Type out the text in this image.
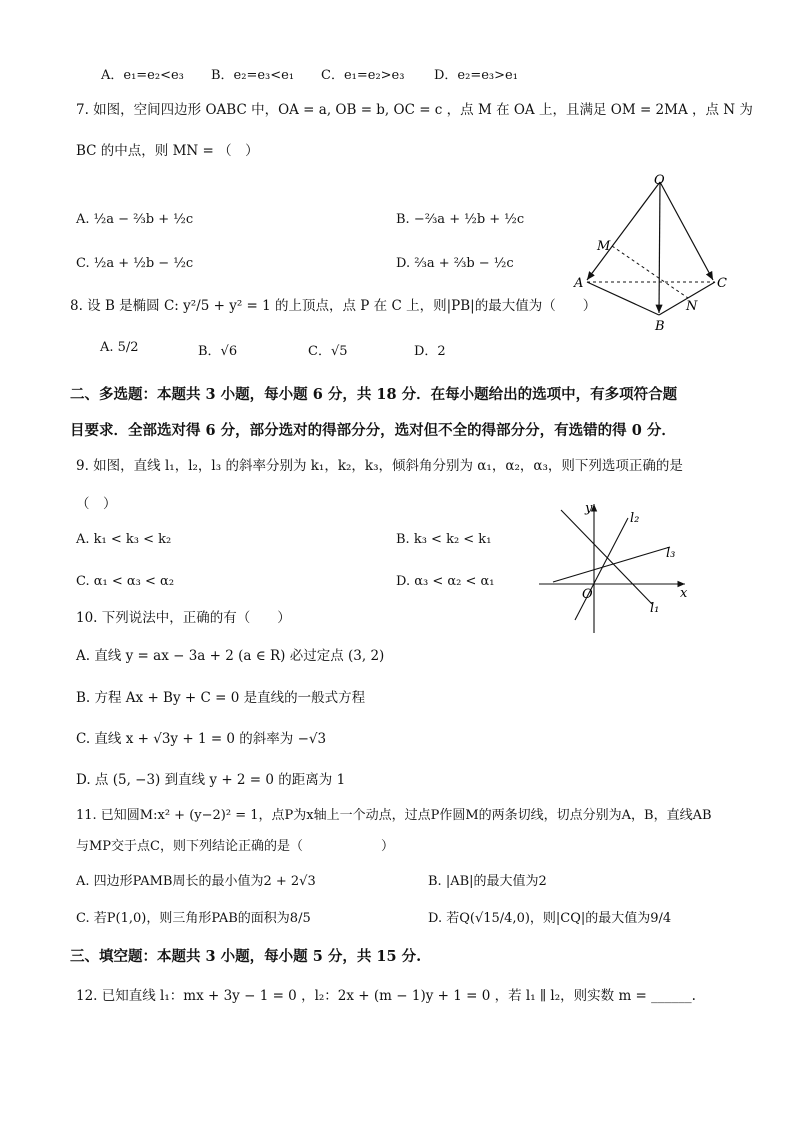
A．e₁=e₂<e₃ B．e₂=e₃<e₁ C．e₁=e₂>e₃ D．e₂=e₃>e₁
7. 如图，空间四边形 OABC 中，OA = a, OB = b, OC = c ，点 M 在 OA 上，且满足 OM = 2MA ，点 N 为
BC 的中点，则 MN = （　）
A. ½a − ⅔b + ½c	B. −⅔a + ½b + ½c
C. ½a + ½b − ½c	D. ⅔a + ⅔b − ½c
O
M
A	C
N
B
8. 设 B 是椭圆 C: y²/5 + y² = 1 的上顶点，点 P 在 C 上，则|PB|的最大值为（　　）
A. 5/2	B．√6	C．√5	D．2
二、多选题：本题共 3 小题，每小题 6 分，共 18 分．在每小题给出的选项中，有多项符合题
目要求．全部选对得 6 分，部分选对的得部分分，选对但不全的得部分分，有选错的得 0 分．
9. 如图，直线 l₁，l₂，l₃ 的斜率分别为 k₁，k₂，k₃，倾斜角分别为 α₁，α₂，α₃，则下列选项正确的是
（　）
A. k₁ < k₃ < k₂	B. k₃ < k₂ < k₁
C. α₁ < α₃ < α₂	D. α₃ < α₂ < α₁
y
l₂
l₃
O	x
l₁
10. 下列说法中，正确的有（　　）
A. 直线 y = ax − 3a + 2 (a ∈ R) 必过定点 (3, 2)
B. 方程 Ax + By + C = 0 是直线的一般式方程
C. 直线 x + √3y + 1 = 0 的斜率为 −√3
D. 点 (5, −3) 到直线 y + 2 = 0 的距离为 1
11. 已知圆M:x² + (y−2)² = 1，点P为x轴上一个动点，过点P作圆M的两条切线，切点分别为A，B，直线AB
与MP交于点C，则下列结论正确的是（　　　　　　）
A. 四边形PAMB周长的最小值为2 + 2√3	B. |AB|的最大值为2
C. 若P(1,0)，则三角形PAB的面积为8/5	D. 若Q(√15/4,0)，则|CQ|的最大值为9/4
三、填空题：本题共 3 小题，每小题 5 分，共 15 分.
12. 已知直线 l₁：mx + 3y − 1 = 0 ，l₂：2x + (m − 1)y + 1 = 0 ，若 l₁ ∥ l₂，则实数 m = ______.
